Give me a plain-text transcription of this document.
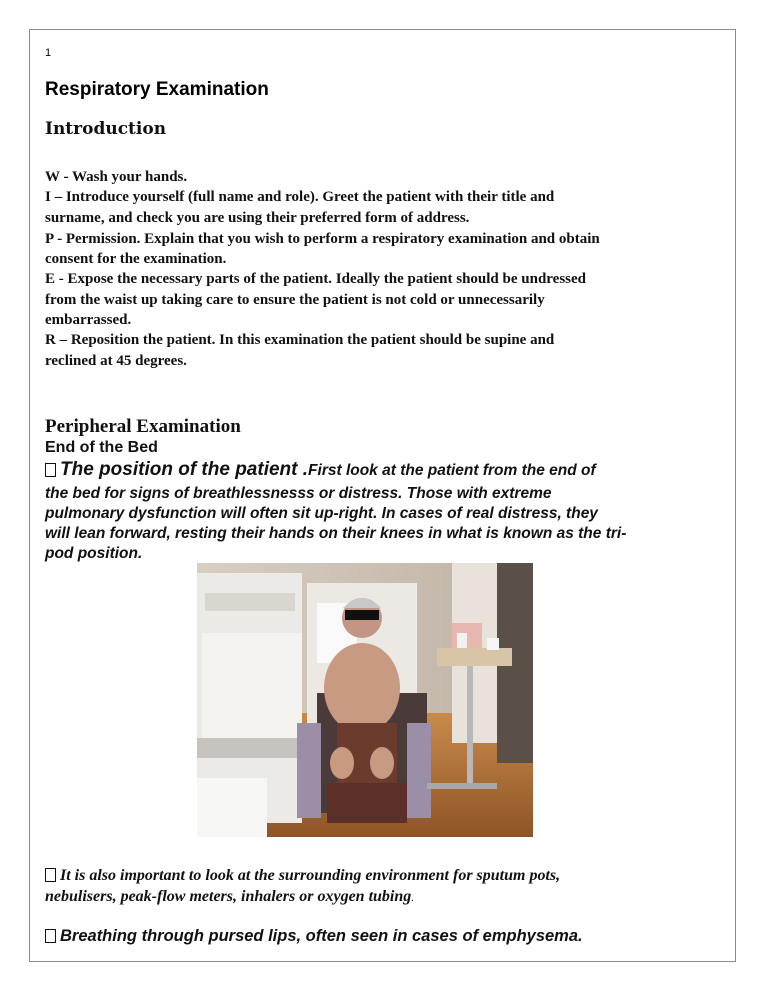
1
Respiratory Examination
Introduction
W - Wash your hands.
I – Introduce yourself (full name and role). Greet the patient with their title and
surname, and check you are using their preferred form of address.
P - Permission. Explain that you wish to perform a respiratory examination and obtain
consent for the examination.
E - Expose the necessary parts of the patient. Ideally the patient should be undressed
from the waist up taking care to ensure the patient is not cold or unnecessarily
embarrassed.
R – Reposition the patient. In this examination the patient should be supine and
reclined at 45 degrees.
Peripheral Examination
End of the Bed
The position of the patient .First look at the patient from the end of
the bed for signs of breathlessnesss or distress. Those with extreme
pulmonary dysfunction will often sit up-right. In cases of real distress, they
will lean forward, resting their hands on their knees in what is known as the tri-
pod position.
It is also important to look at the surrounding environment for sputum pots,
nebulisers, peak-flow meters, inhalers or oxygen tubing.
Breathing through pursed lips, often seen in cases of emphysema.
